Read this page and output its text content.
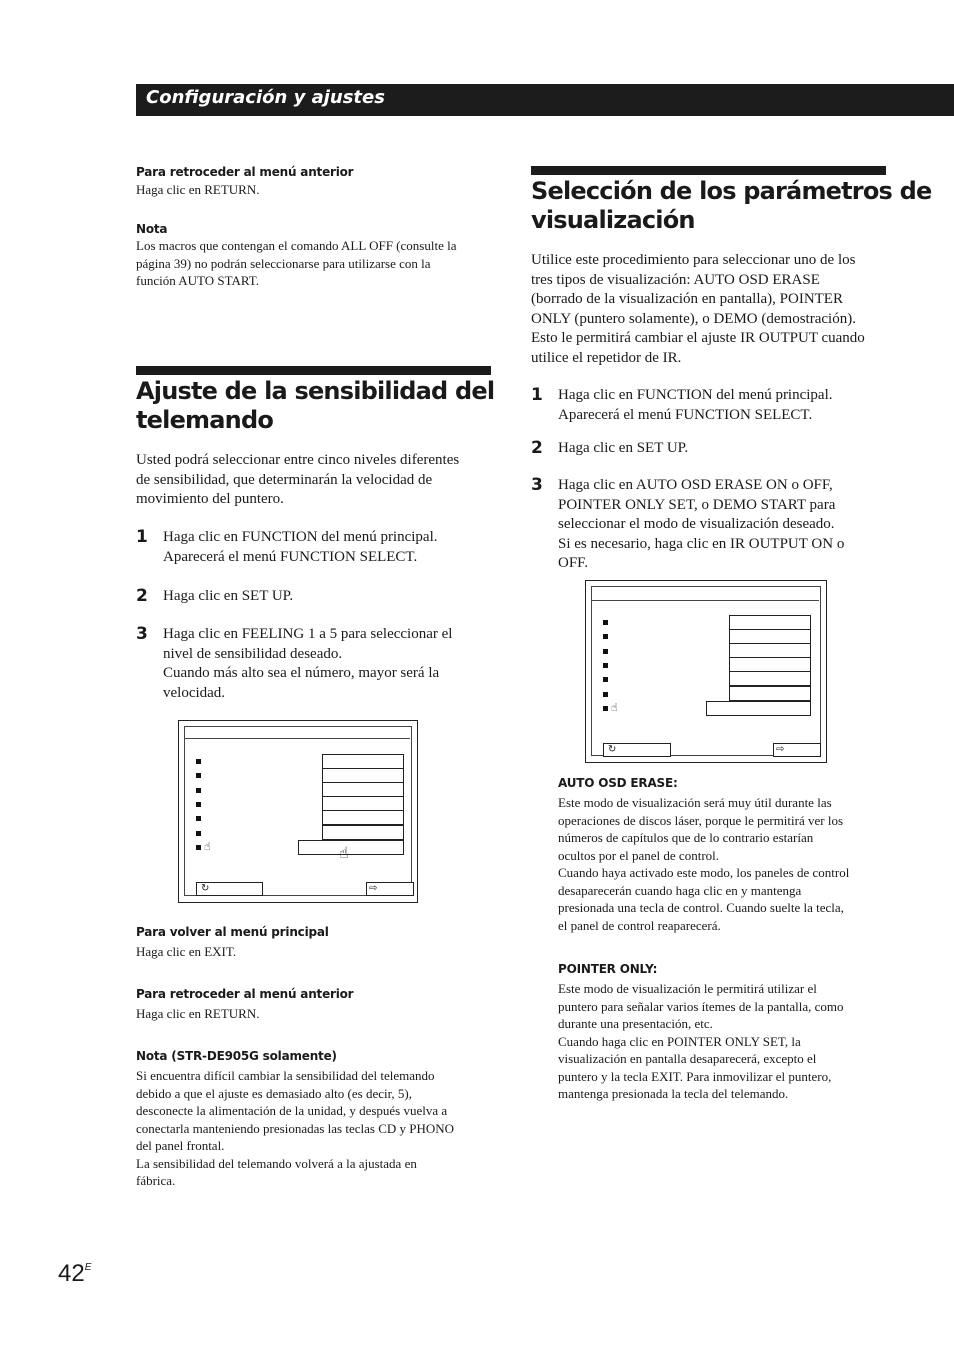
Configuración y ajustes
Para retroceder al menú anterior
Haga clic en RETURN.
Nota
Los macros que contengan el comando ALL OFF (consulte la
página 39) no podrán seleccionarse para utilizarse con la
función AUTO START.
Ajuste de la sensibilidad del
telemando
Usted podrá seleccionar entre cinco niveles diferentes
de sensibilidad, que determinarán la velocidad de
movimiento del puntero.
1 Haga clic en FUNCTION del menú principal.
Aparecerá el menú FUNCTION SELECT.
2 Haga clic en SET UP.
3 Haga clic en FEELING 1 a 5 para seleccionar el
nivel de sensibilidad deseado.
Cuando más alto sea el número, mayor será la
velocidad.
☝	☝
↻	⇨
Para volver al menú principal
Haga clic en EXIT.
Para retroceder al menú anterior
Haga clic en RETURN.
Nota (STR-DE905G solamente)
Si encuentra difícil cambiar la sensibilidad del telemando
debido a que el ajuste es demasiado alto (es decir, 5),
desconecte la alimentación de la unidad, y después vuelva a
conectarla manteniendo presionadas las teclas CD y PHONO
del panel frontal.
La sensibilidad del telemando volverá a la ajustada en
fábrica.
Selección de los parámetros de
visualización
Utilice este procedimiento para seleccionar uno de los
tres tipos de visualización: AUTO OSD ERASE
(borrado de la visualización en pantalla), POINTER
ONLY (puntero solamente), o DEMO (demostración).
Esto le permitirá cambiar el ajuste IR OUTPUT cuando
utilice el repetidor de IR.
1 Haga clic en FUNCTION del menú principal.
Aparecerá el menú FUNCTION SELECT.
2 Haga clic en SET UP.
3 Haga clic en AUTO OSD ERASE ON o OFF,
POINTER ONLY SET, o DEMO START para
seleccionar el modo de visualización deseado.
Si es necesario, haga clic en IR OUTPUT ON o
OFF.
☝
↻	⇨
AUTO OSD ERASE:
Este modo de visualización será muy útil durante las
operaciones de discos láser, porque le permitirá ver los
números de capítulos que de lo contrario estarían
ocultos por el panel de control.
Cuando haya activado este modo, los paneles de control
desaparecerán cuando haga clic en y mantenga
presionada una tecla de control. Cuando suelte la tecla,
el panel de control reaparecerá.
POINTER ONLY:
Este modo de visualización le permitirá utilizar el
puntero para señalar varios ítemes de la pantalla, como
durante una presentación, etc.
Cuando haga clic en POINTER ONLY SET, la
visualización en pantalla desaparecerá, excepto el
puntero y la tecla EXIT. Para inmovilizar el puntero,
mantenga presionada la tecla del telemando.
$42^E$
